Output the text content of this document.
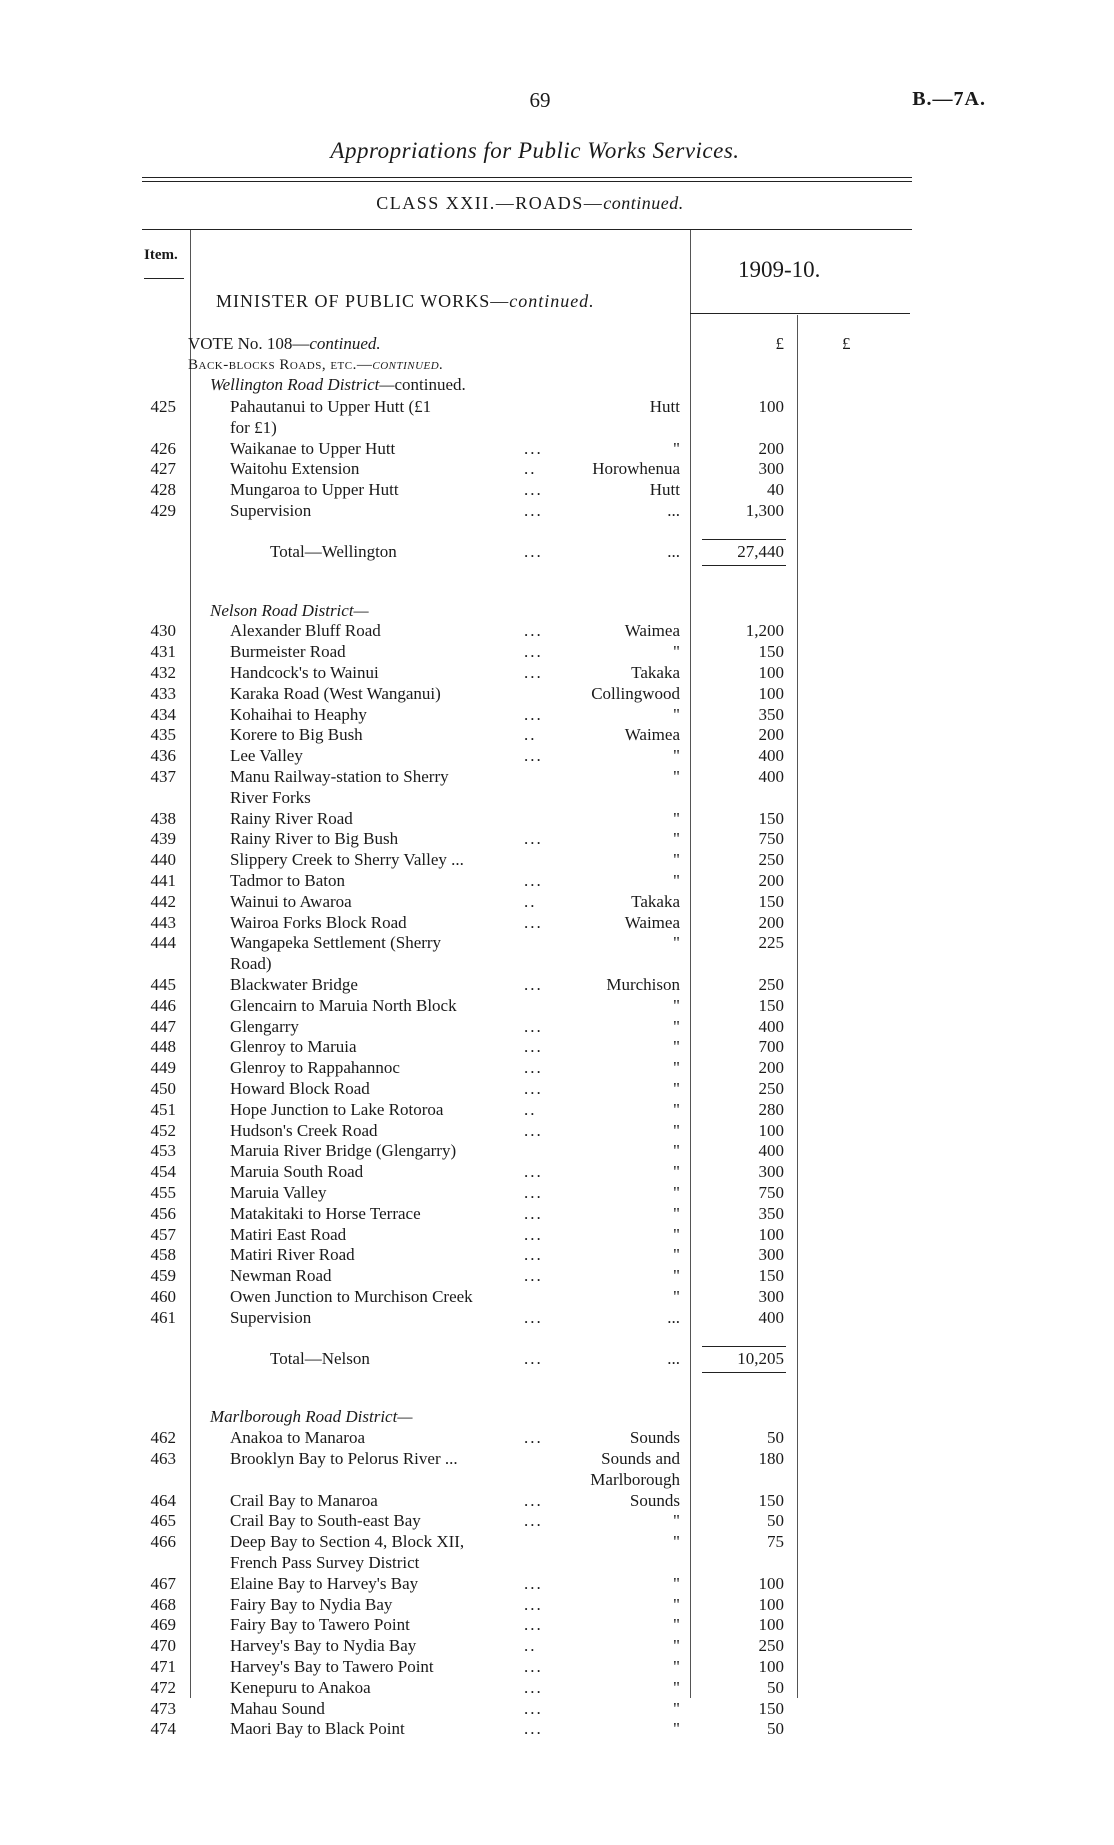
69	B.—7A.
Appropriations for Public Works Services.
CLASS XXII.—ROADS—continued.
Item.
1909-10.
MINISTER OF PUBLIC WORKS—continued.
VOTE No. 108—continued.	£	£
Back-blocks Roads, etc.—continued.
Wellington Road District—continued.
425	Pahautanui to Upper Hutt (£1	Hutt	100
for £1)
426	Waikanae to Upper Hutt	...	"	200
427	Waitohu Extension	..	Horowhenua	300
428	Mungaroa to Upper Hutt	...	Hutt	40
429	Supervision	...	...	1,300
Total—Wellington	...	...	27,440
Nelson Road District—
430	Alexander Bluff Road	...	Waimea	1,200
431	Burmeister Road	...	"	150
432	Handcock's to Wainui	...	Takaka	100
433	Karaka Road (West Wanganui)	Collingwood	100
434	Kohaihai to Heaphy	...	"	350
435	Korere to Big Bush	..	Waimea	200
436	Lee Valley	...	"	400
437	Manu Railway-station to Sherry	"	400
River Forks
438	Rainy River Road	"	150
439	Rainy River to Big Bush	...	"	750
440	Slippery Creek to Sherry Valley ...	"	250
441	Tadmor to Baton	...	"	200
442	Wainui to Awaroa	..	Takaka	150
443	Wairoa Forks Block Road	...	Waimea	200
444	Wangapeka Settlement (Sherry	"	225
Road)
445	Blackwater Bridge	...	Murchison	250
446	Glencairn to Maruia North Block	"	150
447	Glengarry	...	"	400
448	Glenroy to Maruia	...	"	700
449	Glenroy to Rappahannoc	...	"	200
450	Howard Block Road	...	"	250
451	Hope Junction to Lake Rotoroa	..	"	280
452	Hudson's Creek Road	...	"	100
453	Maruia River Bridge (Glengarry)	"	400
454	Maruia South Road	...	"	300
455	Maruia Valley	...	"	750
456	Matakitaki to Horse Terrace	...	"	350
457	Matiri East Road	...	"	100
458	Matiri River Road	...	"	300
459	Newman Road	...	"	150
460	Owen Junction to Murchison Creek	"	300
461	Supervision	...	...	400
Total—Nelson	...	...	10,205
Marlborough Road District—
462	Anakoa to Manaroa	...	Sounds	50
463	Brooklyn Bay to Pelorus River ...	Sounds and	180
Marlborough
464	Crail Bay to Manaroa	...	Sounds	150
465	Crail Bay to South-east Bay	...	"	50
466	Deep Bay to Section 4, Block XII,	"	75
French Pass Survey District
467	Elaine Bay to Harvey's Bay	...	"	100
468	Fairy Bay to Nydia Bay	...	"	100
469	Fairy Bay to Tawero Point	...	"	100
470	Harvey's Bay to Nydia Bay	..	"	250
471	Harvey's Bay to Tawero Point	...	"	100
472	Kenepuru to Anakoa	...	"	50
473	Mahau Sound	...	"	150
474	Maori Bay to Black Point	...	"	50
